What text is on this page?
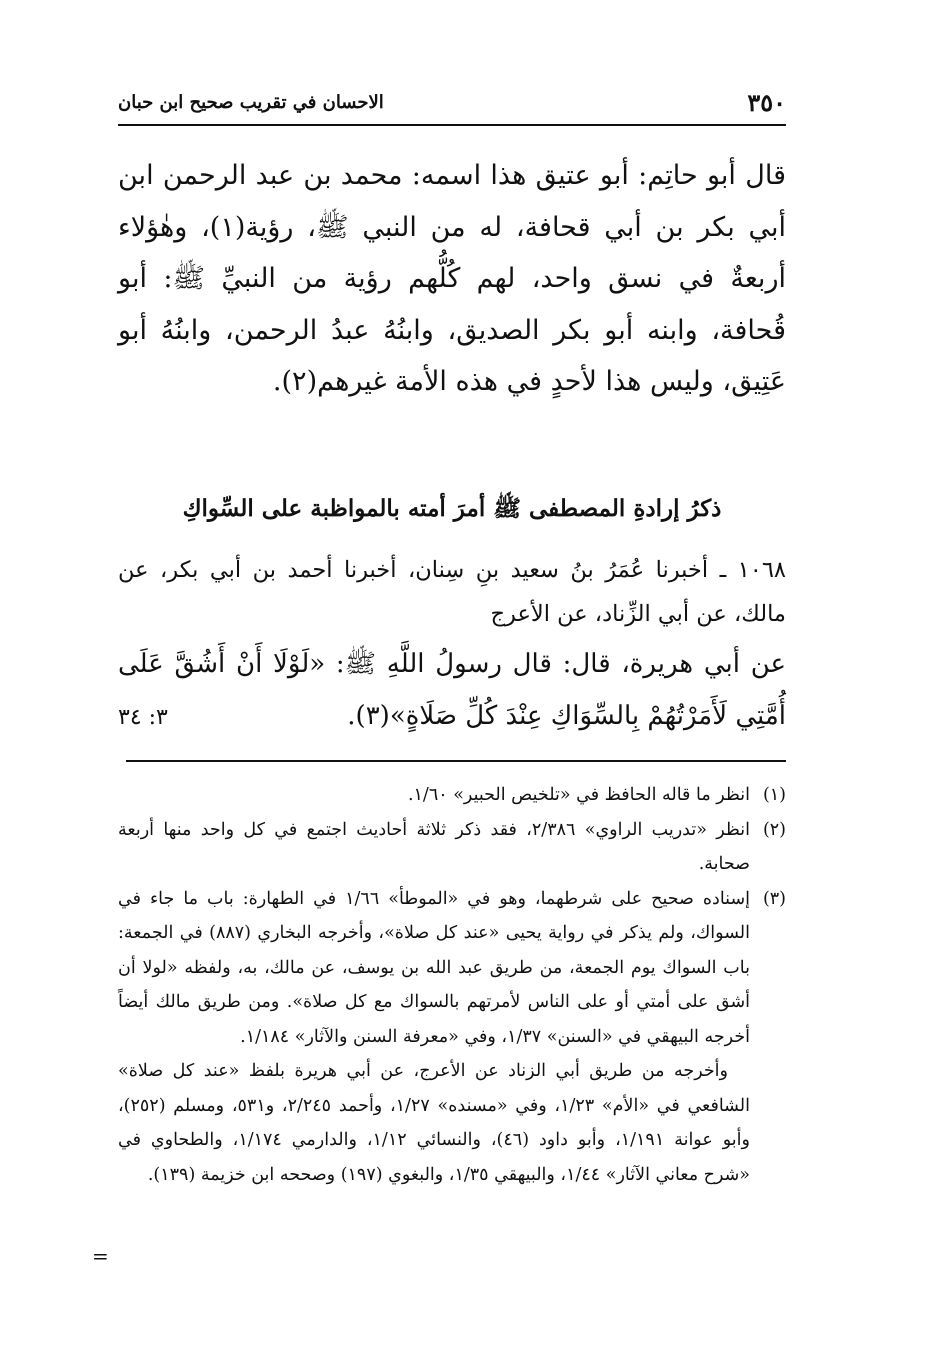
٣٥٠
الاحسان في تقريب صحيح ابن حبان

قال أبو حاتِم: أبو عتيق هذا اسمه: محمد بن عبد الرحمن ابن أبي بكر بن أبي قحافة، له من النبي ﷺ، رؤية(١)، وهٰؤلاء أربعةٌ في نسق واحد، لهم كُلُّهم رؤية من النبيِّ ﷺ: أبو قُحافة، وابنه أبو بكر الصديق، وابنُهُ عبدُ الرحمن، وابنُهُ أبو عَتِيق، وليس هذا لأحدٍ في هذه الأمة غيرهم(٢).

ذكرُ إرادةِ المصطفى ﷺ أمرَ أمته بالمواظبة على السِّواكِ

١٠٦٨ ـ أخبرنا عُمَرُ بنُ سعيد بنِ سِنان، أخبرنا أحمد بن أبي بكر، عن مالك، عن أبي الزِّناد، عن الأعرج

عن أبي هريرة، قال: قال رسولُ اللَّهِ ﷺ: «لَوْلَا أَنْ أَشُقَّ عَلَى أُمَّتِي لَأَمَرْتُهُمْ بِالسِّوَاكِ عِنْدَ كُلِّ صَلَاةٍ»(٣).

٣: ٣٤
(١)

انظر ما قاله الحافظ في «تلخيص الحبير» ١/٦٠.

(٢)

انظر «تدريب الراوي» ٢/٣٨٦، فقد ذكر ثلاثة أحاديث اجتمع في كل واحد منها أربعة صحابة.

(٣)

إسناده صحيح على شرطهما، وهو في «الموطأ» ١/٦٦ في الطهارة: باب ما جاء في السواك، ولم يذكر في رواية يحيى «عند كل صلاة»، وأخرجه البخاري (٨٨٧) في الجمعة: باب السواك يوم الجمعة، من طريق عبد الله بن يوسف، عن مالك، به، ولفظه «لولا أن أشق على أمتي أو على الناس لأمرتهم بالسواك مع كل صلاة». ومن طريق مالك أيضاً أخرجه البيهقي في «السنن» ١/٣٧، وفي «معرفة السنن والآثار» ١/١٨٤.

وأخرجه من طريق أبي الزناد عن الأعرج، عن أبي هريرة بلفظ «عند كل صلاة» الشافعي في «الأم» ١/٢٣، وفي «مسنده» ١/٢٧، وأحمد ٢/٢٤٥، و٥٣١، ومسلم (٢٥٢)، وأبو عوانة ١/١٩١، وأبو داود (٤٦)، والنسائي ١/١٢، والدارمي ١/١٧٤، والطحاوي في «شرح معاني الآثار» ١/٤٤، والبيهقي ١/٣٥، والبغوي (١٩٧) وصححه ابن خزيمة (١٣٩).

=
